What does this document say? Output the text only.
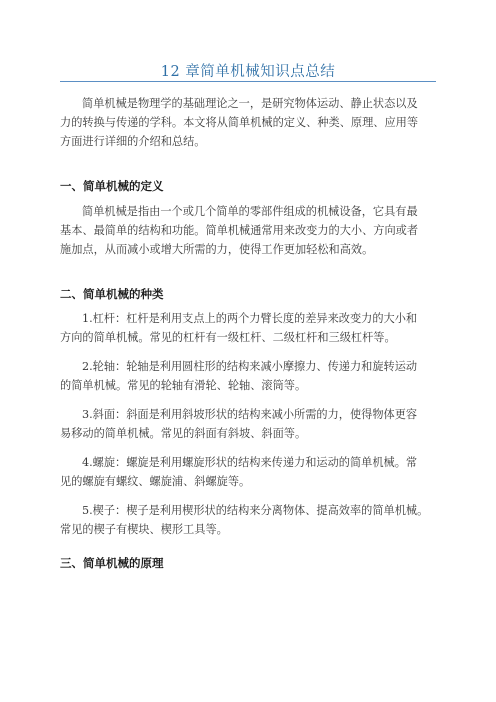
12 章简单机械知识点总结

简单机械是物理学的基础理论之一，是研究物体运动、静止状态以及
力的转换与传递的学科。本文将从简单机械的定义、种类、原理、应用等
方面进行详细的介绍和总结。

一、简单机械的定义

简单机械是指由一个或几个简单的零部件组成的机械设备，它具有最
基本、最简单的结构和功能。简单机械通常用来改变力的大小、方向或者
施加点，从而减小或增大所需的力，使得工作更加轻松和高效。

二、简单机械的种类

1.杠杆：杠杆是利用支点上的两个力臂长度的差异来改变力的大小和
方向的简单机械。常见的杠杆有一级杠杆、二级杠杆和三级杠杆等。

2.轮轴：轮轴是利用圆柱形的结构来减小摩擦力、传递力和旋转运动
的简单机械。常见的轮轴有滑轮、轮轴、滚筒等。

3.斜面：斜面是利用斜坡形状的结构来减小所需的力，使得物体更容
易移动的简单机械。常见的斜面有斜坡、斜面等。

4.螺旋：螺旋是利用螺旋形状的结构来传递力和运动的简单机械。常
见的螺旋有螺纹、螺旋浦、斜螺旋等。

5.楔子：楔子是利用楔形状的结构来分离物体、提高效率的简单机械。
常见的楔子有楔块、楔形工具等。

三、简单机械的原理
